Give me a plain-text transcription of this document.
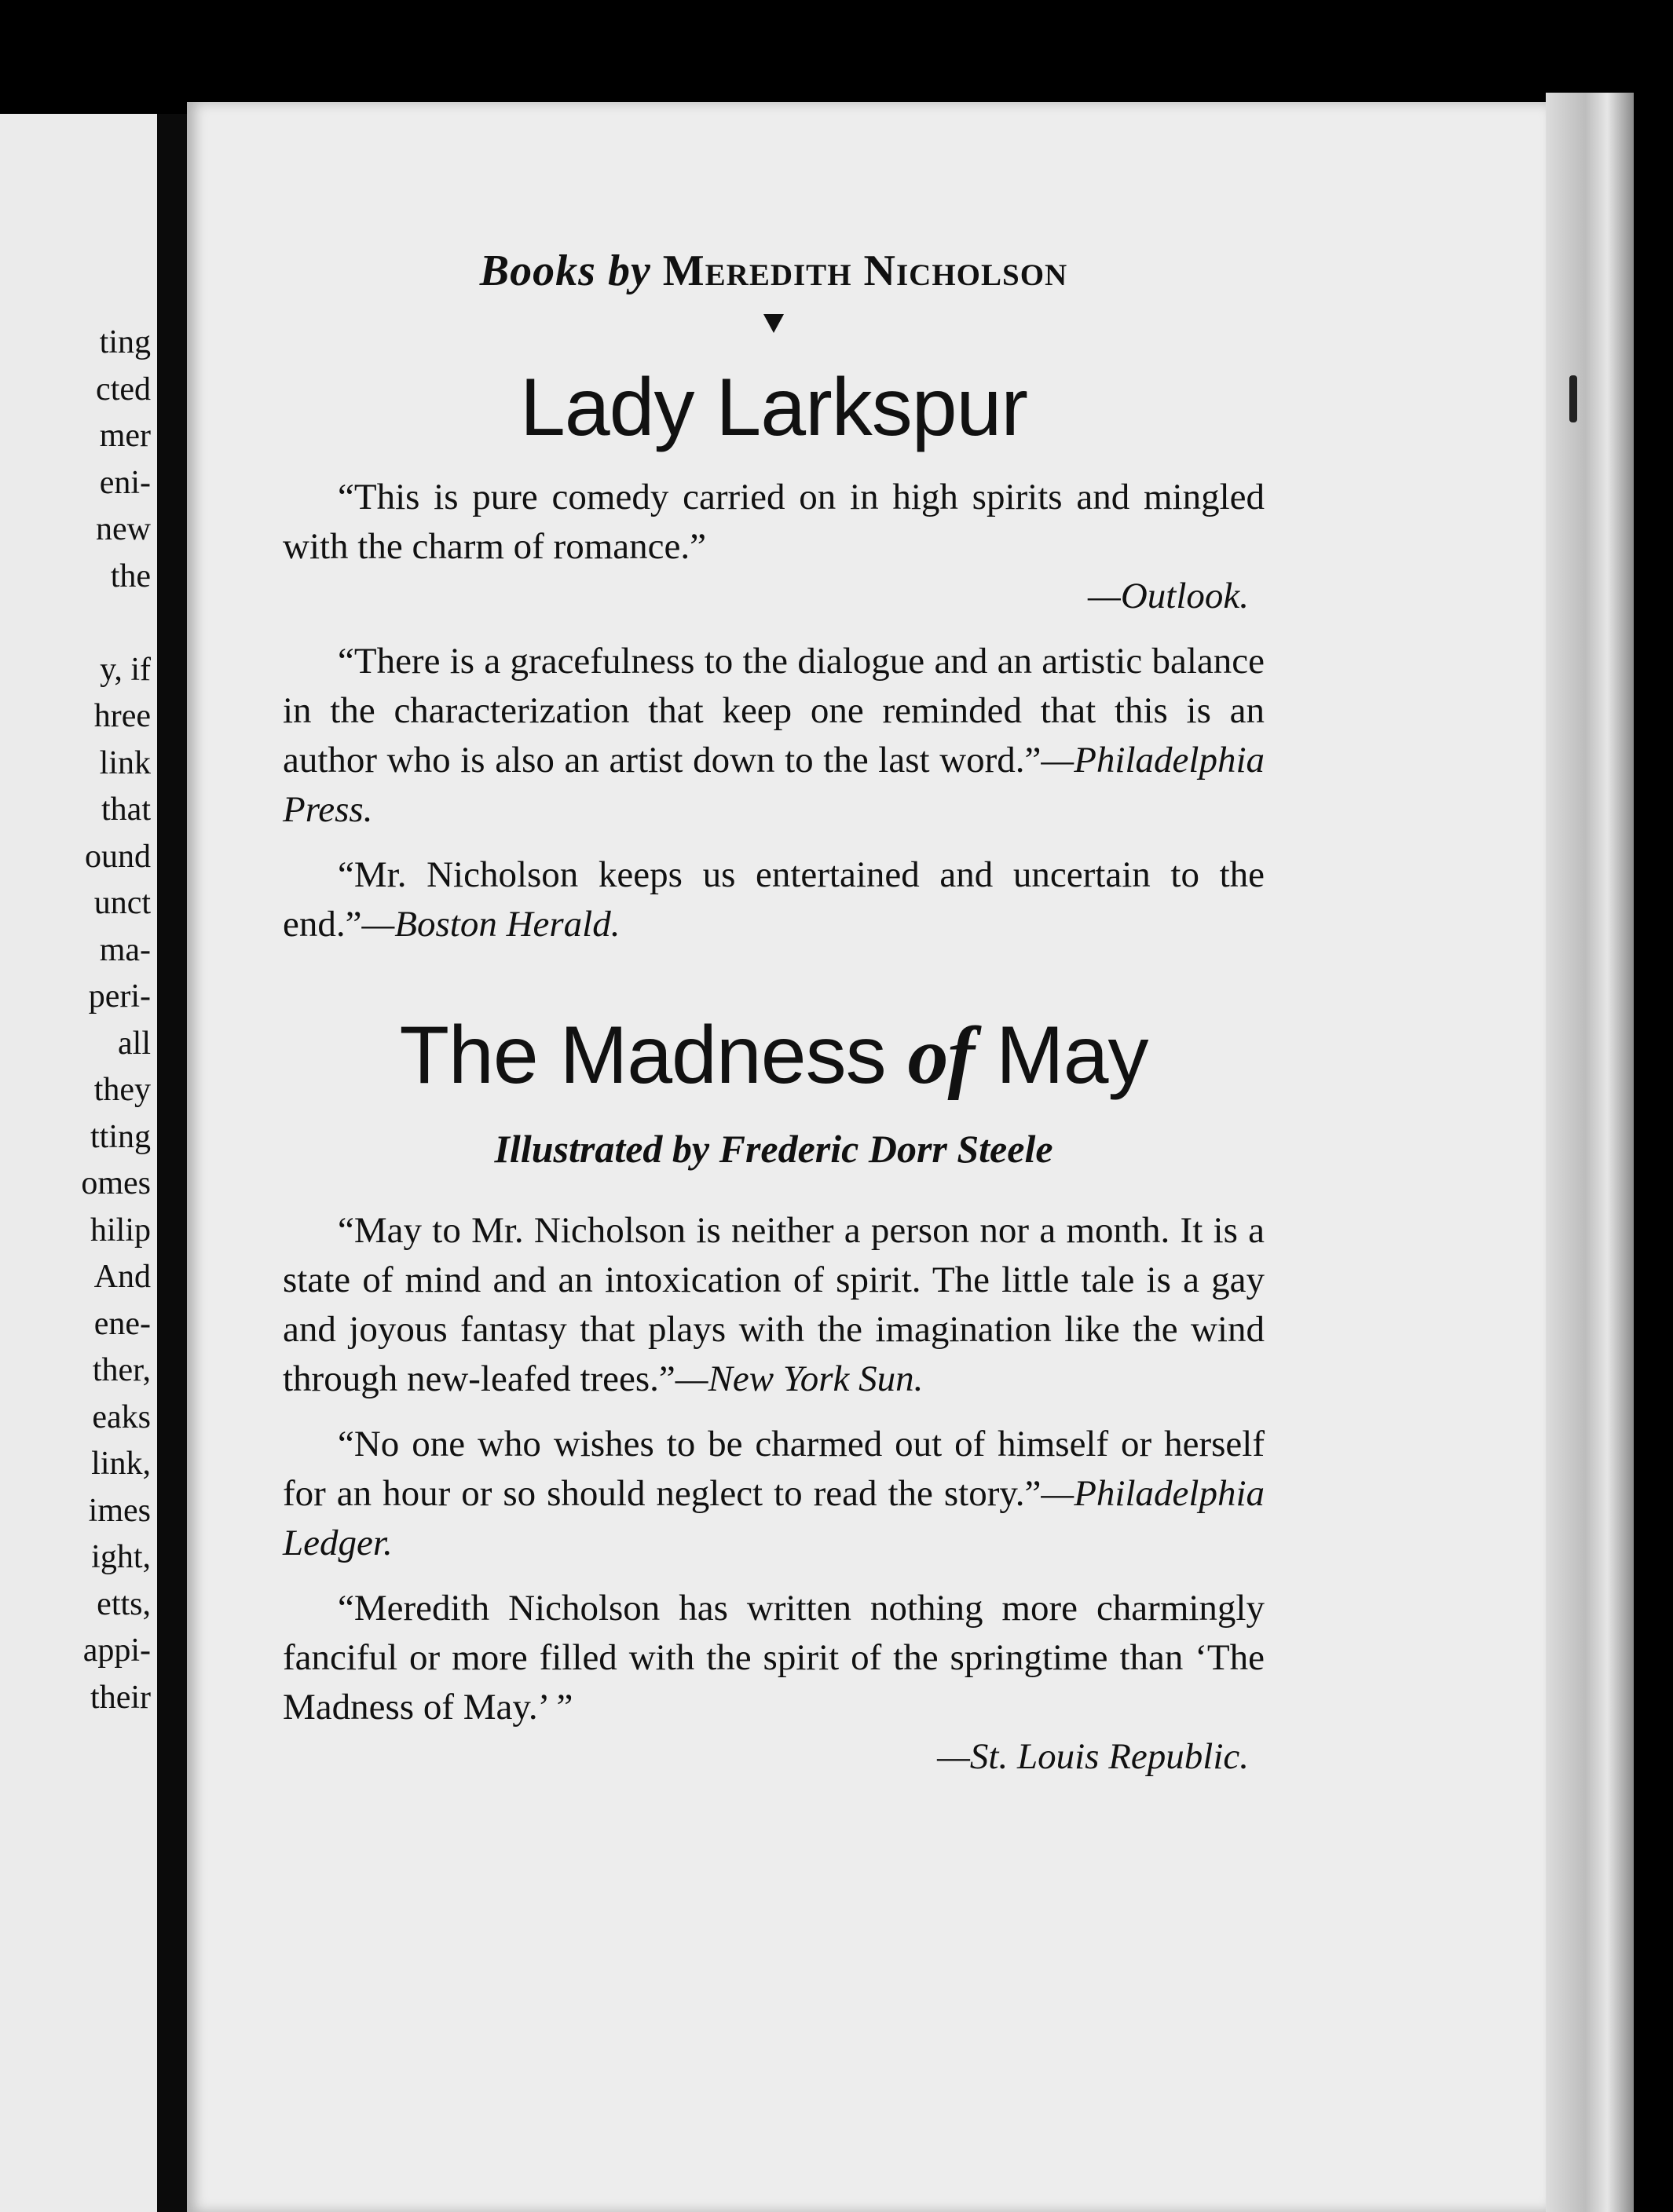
ting
cted
mer
eni-
new
the
y, if
hree
link
that
ound
unct
ma-
peri-
all
they
tting
omes
hilip
And
ene-
ther,
eaks
link,
imes
ight,
etts,
appi-
their
Books by Meredith Nicholson
Lady Larkspur
“This is pure comedy carried on in high spirits and mingled with the charm of romance.”
—Outlook.
“There is a gracefulness to the dialogue and an artistic balance in the characterization that keep one reminded that this is an author who is also an artist down to the last word.”—Philadelphia Press.
“Mr. Nicholson keeps us entertained and uncertain to the end.”—Boston Herald.
The Madness of May
Illustrated by Frederic Dorr Steele
“May to Mr. Nicholson is neither a person nor a month. It is a state of mind and an intoxication of spirit. The little tale is a gay and joyous fantasy that plays with the imagination like the wind through new-leafed trees.”—New York Sun.
“No one who wishes to be charmed out of himself or herself for an hour or so should neglect to read the story.”—Philadelphia Ledger.
“Meredith Nicholson has written nothing more charmingly fanciful or more filled with the spirit of the springtime than ‘The Madness of May.’ ”
—St. Louis Republic.
